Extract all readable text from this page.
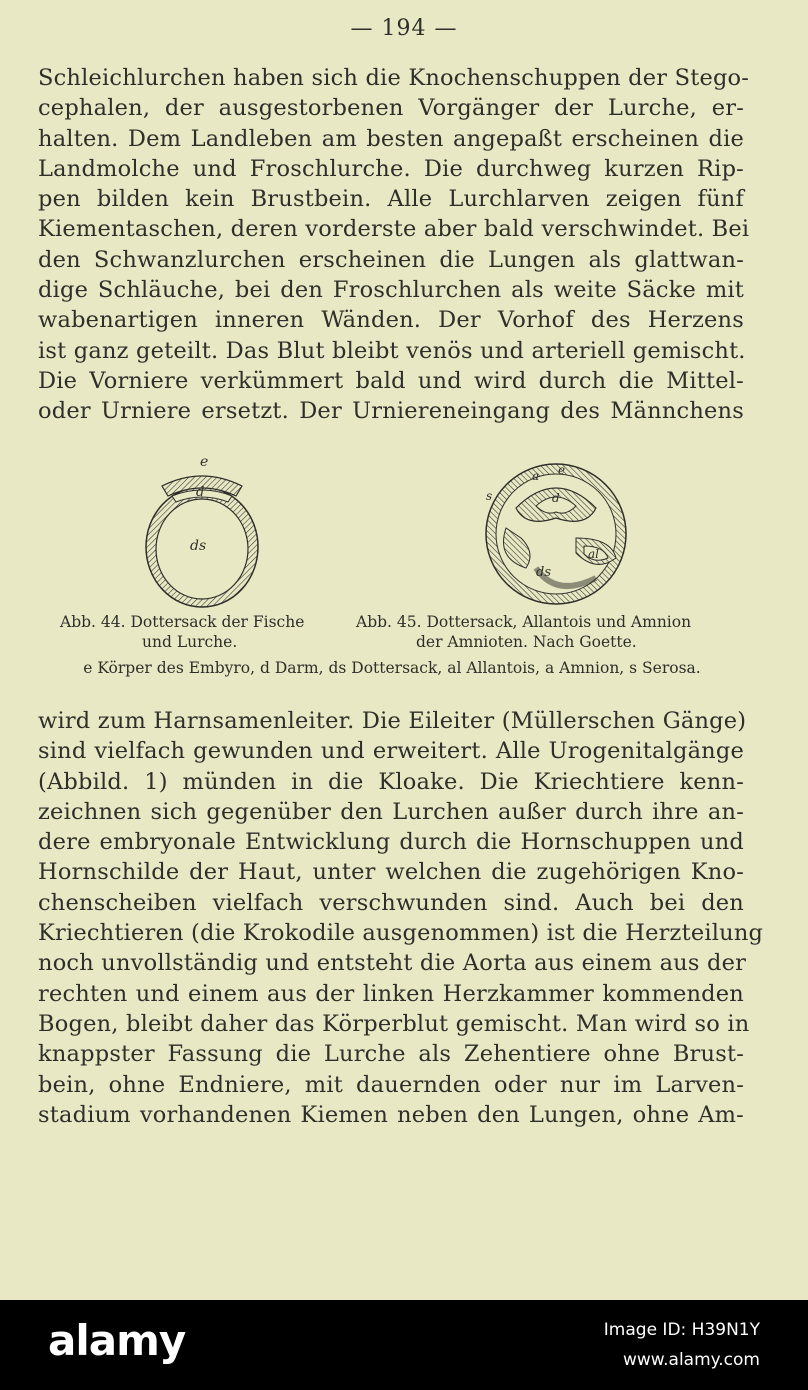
— 194 —
Schleichlurchen haben sich die Knochenschuppen der Stego-
cephalen, der ausgestorbenen Vorgänger der Lurche, er-
halten. Dem Landleben am besten angepaßt erscheinen die
Landmolche und Froschlurche. Die durchweg kurzen Rip-
pen bilden kein Brustbein. Alle Lurchlarven zeigen fünf
Kiementaschen, deren vorderste aber bald verschwindet. Bei
den Schwanzlurchen erscheinen die Lungen als glattwan-
dige Schläuche, bei den Froschlurchen als weite Säcke mit
wabenartigen inneren Wänden. Der Vorhof des Herzens
ist ganz geteilt. Das Blut bleibt venös und arteriell gemischt.
Die Vorniere verkümmert bald und wird durch die Mittel-
oder Urniere ersetzt. Der Urniereneingang des Männchens
e
d
ds
s
a e
d
al
ds
Abb. 44. Dottersack der Fische
und Lurche.
Abb. 45. Dottersack, Allantois und Amnion
der Amnioten. Nach Goette.
e Körper des Embyro, d Darm, ds Dottersack, al Allantois, a Amnion, s Serosa.
wird zum Harnsamenleiter. Die Eileiter (Müllerschen Gänge)
sind vielfach gewunden und erweitert. Alle Urogenitalgänge
(Abbild. 1) münden in die Kloake. Die Kriechtiere kenn-
zeichnen sich gegenüber den Lurchen außer durch ihre an-
dere embryonale Entwicklung durch die Hornschuppen und
Hornschilde der Haut, unter welchen die zugehörigen Kno-
chenscheiben vielfach verschwunden sind. Auch bei den
Kriechtieren (die Krokodile ausgenommen) ist die Herzteilung
noch unvollständig und entsteht die Aorta aus einem aus der
rechten und einem aus der linken Herzkammer kommenden
Bogen, bleibt daher das Körperblut gemischt. Man wird so in
knappster Fassung die Lurche als Zehentiere ohne Brust-
bein, ohne Endniere, mit dauernden oder nur im Larven-
stadium vorhandenen Kiemen neben den Lungen, ohne Am-
alamy	Image ID: H39N1Y
www.alamy.com
